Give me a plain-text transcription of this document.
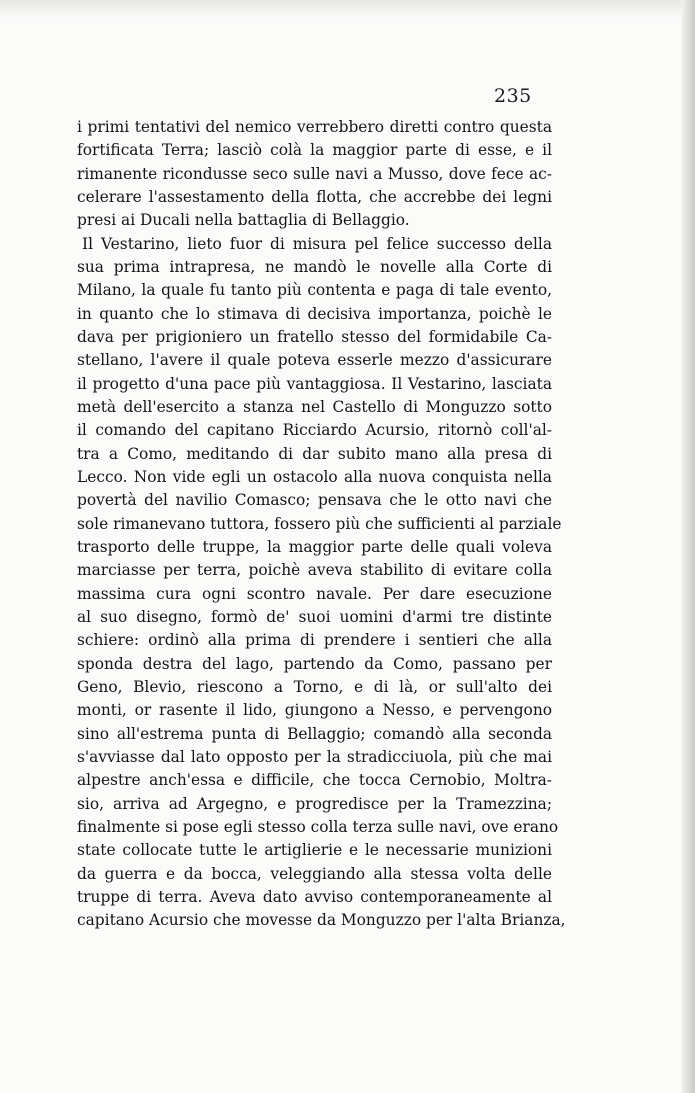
235
i primi tentativi del nemico verrebbero diretti contro questa
fortificata Terra; lasciò colà la maggior parte di esse, e il
rimanente ricondusse seco sulle navi a Musso, dove fece ac-
celerare l'assestamento della flotta, che accrebbe dei legni
presi ai Ducali nella battaglia di Bellaggio.
Il Vestarino, lieto fuor di misura pel felice successo della
sua prima intrapresa, ne mandò le novelle alla Corte di
Milano, la quale fu tanto più contenta e paga di tale evento,
in quanto che lo stimava di decisiva importanza, poichè le
dava per prigioniero un fratello stesso del formidabile Ca-
stellano, l'avere il quale poteva esserle mezzo d'assicurare
il progetto d'una pace più vantaggiosa. Il Vestarino, lasciata
metà dell'esercito a stanza nel Castello di Monguzzo sotto
il comando del capitano Ricciardo Acursio, ritornò coll'al-
tra a Como, meditando di dar subito mano alla presa di
Lecco. Non vide egli un ostacolo alla nuova conquista nella
povertà del navilio Comasco; pensava che le otto navi che
sole rimanevano tuttora, fossero più che sufficienti al parziale
trasporto delle truppe, la maggior parte delle quali voleva
marciasse per terra, poichè aveva stabilito di evitare colla
massima cura ogni scontro navale. Per dare esecuzione
al suo disegno, formò de' suoi uomini d'armi tre distinte
schiere: ordinò alla prima di prendere i sentieri che alla
sponda destra del lago, partendo da Como, passano per
Geno, Blevio, riescono a Torno, e di là, or sull'alto dei
monti, or rasente il lido, giungono a Nesso, e pervengono
sino all'estrema punta di Bellaggio; comandò alla seconda
s'avviasse dal lato opposto per la stradicciuola, più che mai
alpestre anch'essa e difficile, che tocca Cernobio, Moltra-
sio, arriva ad Argegno, e progredisce per la Tramezzina;
finalmente si pose egli stesso colla terza sulle navi, ove erano
state collocate tutte le artiglierie e le necessarie munizioni
da guerra e da bocca, veleggiando alla stessa volta delle
truppe di terra. Aveva dato avviso contemporaneamente al
capitano Acursio che movesse da Monguzzo per l'alta Brianza,
